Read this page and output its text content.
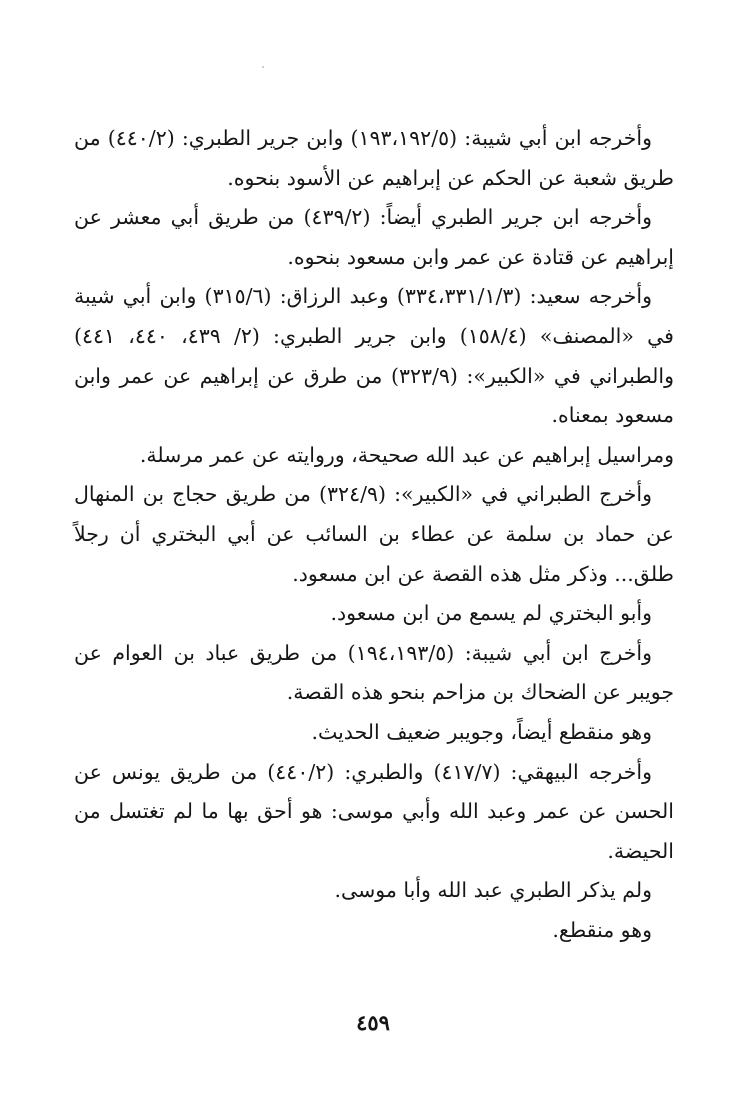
وأخرجه ابن أبي شيبة: (١٩٣،١٩٢/٥) وابن جرير الطبري: (٤٤٠/٢) من طريق شعبة عن الحكم عن إبراهيم عن الأسود بنحوه.

وأخرجه ابن جرير الطبري أيضاً: (٤٣٩/٢) من طريق أبي معشر عن إبراهيم عن قتادة عن عمر وابن مسعود بنحوه.

وأخرجه سعيد: (٣٣٤،٣٣١/١/٣) وعبد الرزاق: (٣١٥/٦) وابن أبي شيبة في «المصنف» (١٥٨/٤) وابن جرير الطبري: (٢/ ٤٣٩، ٤٤٠، ٤٤١) والطبراني في «الكبير»: (٣٢٣/٩) من طرق عن إبراهيم عن عمر وابن مسعود بمعناه.

ومراسيل إبراهيم عن عبد الله صحيحة، وروايته عن عمر مرسلة.

وأخرج الطبراني في «الكبير»: (٣٢٤/٩) من طريق حجاج بن المنهال عن حماد بن سلمة عن عطاء بن السائب عن أبي البختري أن رجلاً طلق... وذكر مثل هذه القصة عن ابن مسعود.

وأبو البختري لم يسمع من ابن مسعود.

وأخرج ابن أبي شيبة: (١٩٤،١٩٣/٥) من طريق عباد بن العوام عن جويبر عن الضحاك بن مزاحم بنحو هذه القصة.

وهو منقطع أيضاً، وجويبر ضعيف الحديث.

وأخرجه البيهقي: (٤١٧/٧) والطبري: (٤٤٠/٢) من طريق يونس عن الحسن عن عمر وعبد الله وأبي موسى: هو أحق بها ما لم تغتسل من الحيضة.

ولم يذكر الطبري عبد الله وأبا موسى.

وهو منقطع.

٤٥٩
